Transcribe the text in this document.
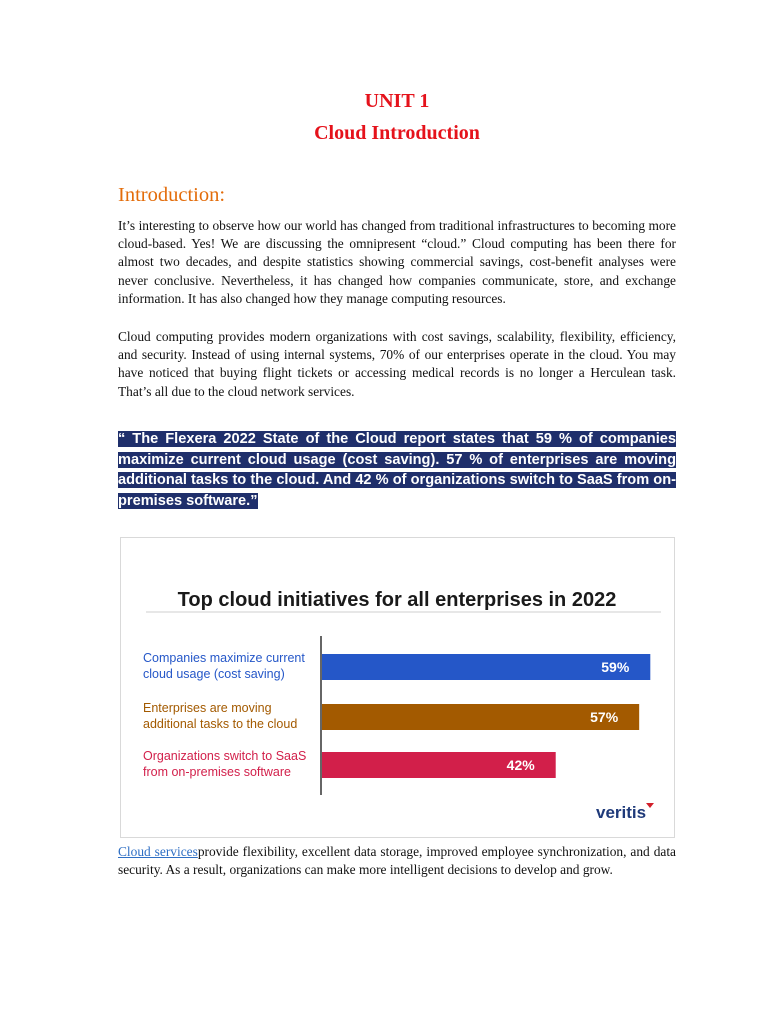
UNIT 1
Cloud Introduction
Introduction:

It’s interesting to observe how our world has changed from traditional infrastructures to becoming more cloud-based. Yes! We are discussing the omnipresent “cloud.” Cloud computing has been there for almost two decades, and despite statistics showing commercial savings, cost-benefit analyses were never conclusive. Nevertheless, it has changed how companies communicate, store, and exchange information. It has also changed how they manage computing resources.

Cloud computing provides modern organizations with cost savings, scalability, flexibility, efficiency, and security. Instead of using internal systems, 70% of our enterprises operate in the cloud. You may have noticed that buying flight tickets or accessing medical records is no longer a Herculean task. That’s all due to the cloud network services.

“ The Flexera 2022 State of the Cloud report states that 59 % of companies maximize current cloud usage (cost saving). 57 % of enterprises are moving additional tasks to the cloud. And 42 % of organizations switch to SaaS from on-premises software.”

Top cloud initiatives for all enterprises in 2022
59%
Companies maximize current
cloud usage (cost saving)
57%
Enterprises are moving
additional tasks to the cloud
42%
Organizations switch to SaaS
from on-premises software
veritis

Cloud servicesprovide flexibility, excellent data storage, improved employee synchronization, and data security. As a result, organizations can make more intelligent decisions to develop and grow.
